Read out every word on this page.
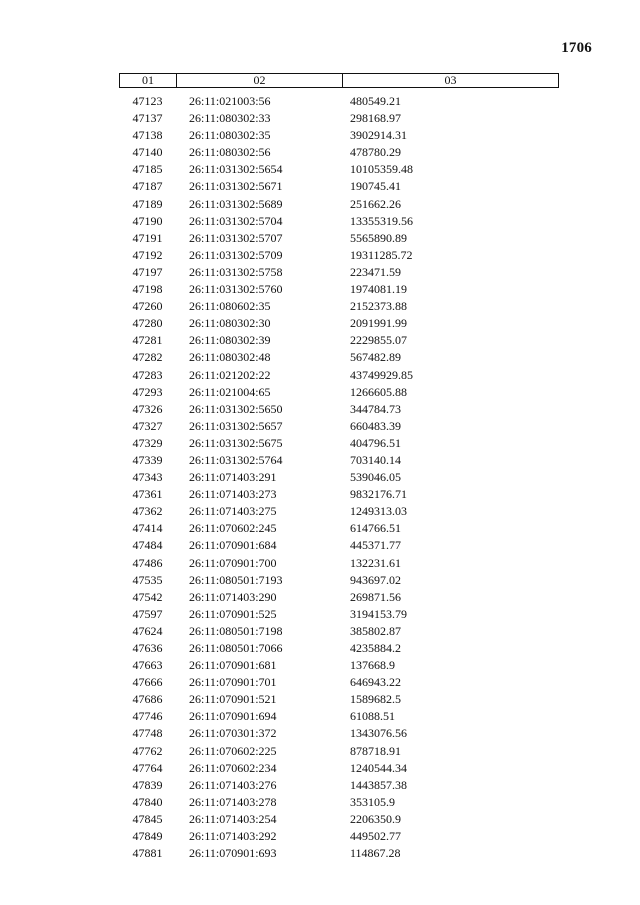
1706
01	02	03
47123	26:11:021003:56	480549.21
47137	26:11:080302:33	298168.97
47138	26:11:080302:35	3902914.31
47140	26:11:080302:56	478780.29
47185	26:11:031302:5654	10105359.48
47187	26:11:031302:5671	190745.41
47189	26:11:031302:5689	251662.26
47190	26:11:031302:5704	13355319.56
47191	26:11:031302:5707	5565890.89
47192	26:11:031302:5709	19311285.72
47197	26:11:031302:5758	223471.59
47198	26:11:031302:5760	1974081.19
47260	26:11:080602:35	2152373.88
47280	26:11:080302:30	2091991.99
47281	26:11:080302:39	2229855.07
47282	26:11:080302:48	567482.89
47283	26:11:021202:22	43749929.85
47293	26:11:021004:65	1266605.88
47326	26:11:031302:5650	344784.73
47327	26:11:031302:5657	660483.39
47329	26:11:031302:5675	404796.51
47339	26:11:031302:5764	703140.14
47343	26:11:071403:291	539046.05
47361	26:11:071403:273	9832176.71
47362	26:11:071403:275	1249313.03
47414	26:11:070602:245	614766.51
47484	26:11:070901:684	445371.77
47486	26:11:070901:700	132231.61
47535	26:11:080501:7193	943697.02
47542	26:11:071403:290	269871.56
47597	26:11:070901:525	3194153.79
47624	26:11:080501:7198	385802.87
47636	26:11:080501:7066	4235884.2
47663	26:11:070901:681	137668.9
47666	26:11:070901:701	646943.22
47686	26:11:070901:521	1589682.5
47746	26:11:070901:694	61088.51
47748	26:11:070301:372	1343076.56
47762	26:11:070602:225	878718.91
47764	26:11:070602:234	1240544.34
47839	26:11:071403:276	1443857.38
47840	26:11:071403:278	353105.9
47845	26:11:071403:254	2206350.9
47849	26:11:071403:292	449502.77
47881	26:11:070901:693	114867.28
